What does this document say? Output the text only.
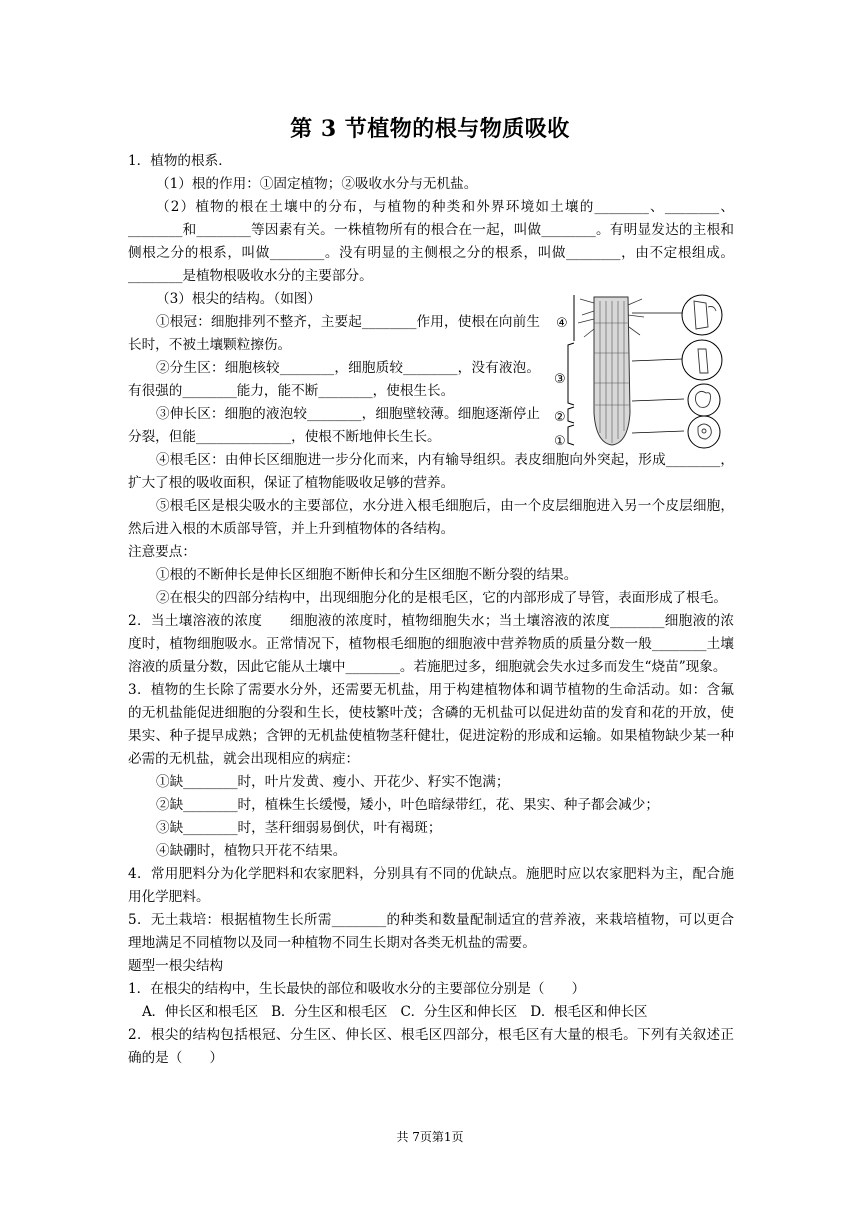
第 3 节植物的根与物质吸收

1．植物的根系．

（1）根的作用：①固定植物；②吸收水分与无机盐。

（2）植物的根在土壤中的分布，与植物的种类和外界环境如土壤的________、________、________和________等因素有关。一株植物所有的根合在一起，叫做________。有明显发达的主根和侧根之分的根系，叫做________。没有明显的主侧根之分的根系，叫做________，由不定根组成。________是植物根吸收水分的主要部分。

（3）根尖的结构。（如图）

①根冠：细胞排列不整齐，主要起________作用，使根在向前生长时，不被土壤颗粒擦伤。

②分生区：细胞核较________，细胞质较________，没有液泡。有很强的________能力，能不断________，使根生长。

③伸长区：细胞的液泡较________，细胞壁较薄。细胞逐渐停止分裂，但能______________，使根不断地伸长生长。

④根毛区：由伸长区细胞进一步分化而来，内有输导组织。表皮细胞向外突起，形成________，扩大了根的吸收面积，保证了植物能吸收足够的营养。

⑤根毛区是根尖吸水的主要部位，水分进入根毛细胞后，由一个皮层细胞进入另一个皮层细胞，然后进入根的木质部导管，并上升到植物体的各结构。

注意要点：

①根的不断伸长是伸长区细胞不断伸长和分生区细胞不断分裂的结果。

②在根尖的四部分结构中，出现细胞分化的是根毛区，它的内部形成了导管，表面形成了根毛。

2．当土壤溶液的浓度　　细胞液的浓度时，植物细胞失水；当土壤溶液的浓度________细胞液的浓度时，植物细胞吸水。正常情况下，植物根毛细胞的细胞液中营养物质的质量分数一般________土壤溶液的质量分数，因此它能从土壤中________。若施肥过多，细胞就会失水过多而发生“烧苗”现象。

3．植物的生长除了需要水分外，还需要无机盐，用于构建植物体和调节植物的生命活动。如：含氟的无机盐能促进细胞的分裂和生长，使枝繁叶茂；含磷的无机盐可以促进幼苗的发育和花的开放，使果实、种子提早成熟；含钾的无机盐使植物茎秆健壮，促进淀粉的形成和运输。如果植物缺少某一种必需的无机盐，就会出现相应的病症：

①缺________时，叶片发黄、瘦小、开花少、籽实不饱满；

②缺________时，植株生长缓慢，矮小，叶色暗绿带红，花、果实、种子都会减少；

③缺________时，茎秆细弱易倒伏，叶有褐斑；

④缺硼时，植物只开花不结果。

4．常用肥料分为化学肥料和农家肥料，分别具有不同的优缺点。施肥时应以农家肥料为主，配合施用化学肥料。

5．无土栽培：根据植物生长所需________的种类和数量配制适宜的营养液，来栽培植物，可以更合理地满足不同植物以及同一种植物不同生长期对各类无机盐的需要。

题型一根尖结构

1．在根尖的结构中，生长最快的部位和吸收水分的主要部位分别是（　　）

A．伸长区和根毛区　B．分生区和根毛区　C．分生区和伸长区　D．根毛区和伸长区

2．根尖的结构包括根冠、分生区、伸长区、根毛区四部分，根毛区有大量的根毛。下列有关叙述正确的是（　　）

④
③
②
①
共 7页第1页
